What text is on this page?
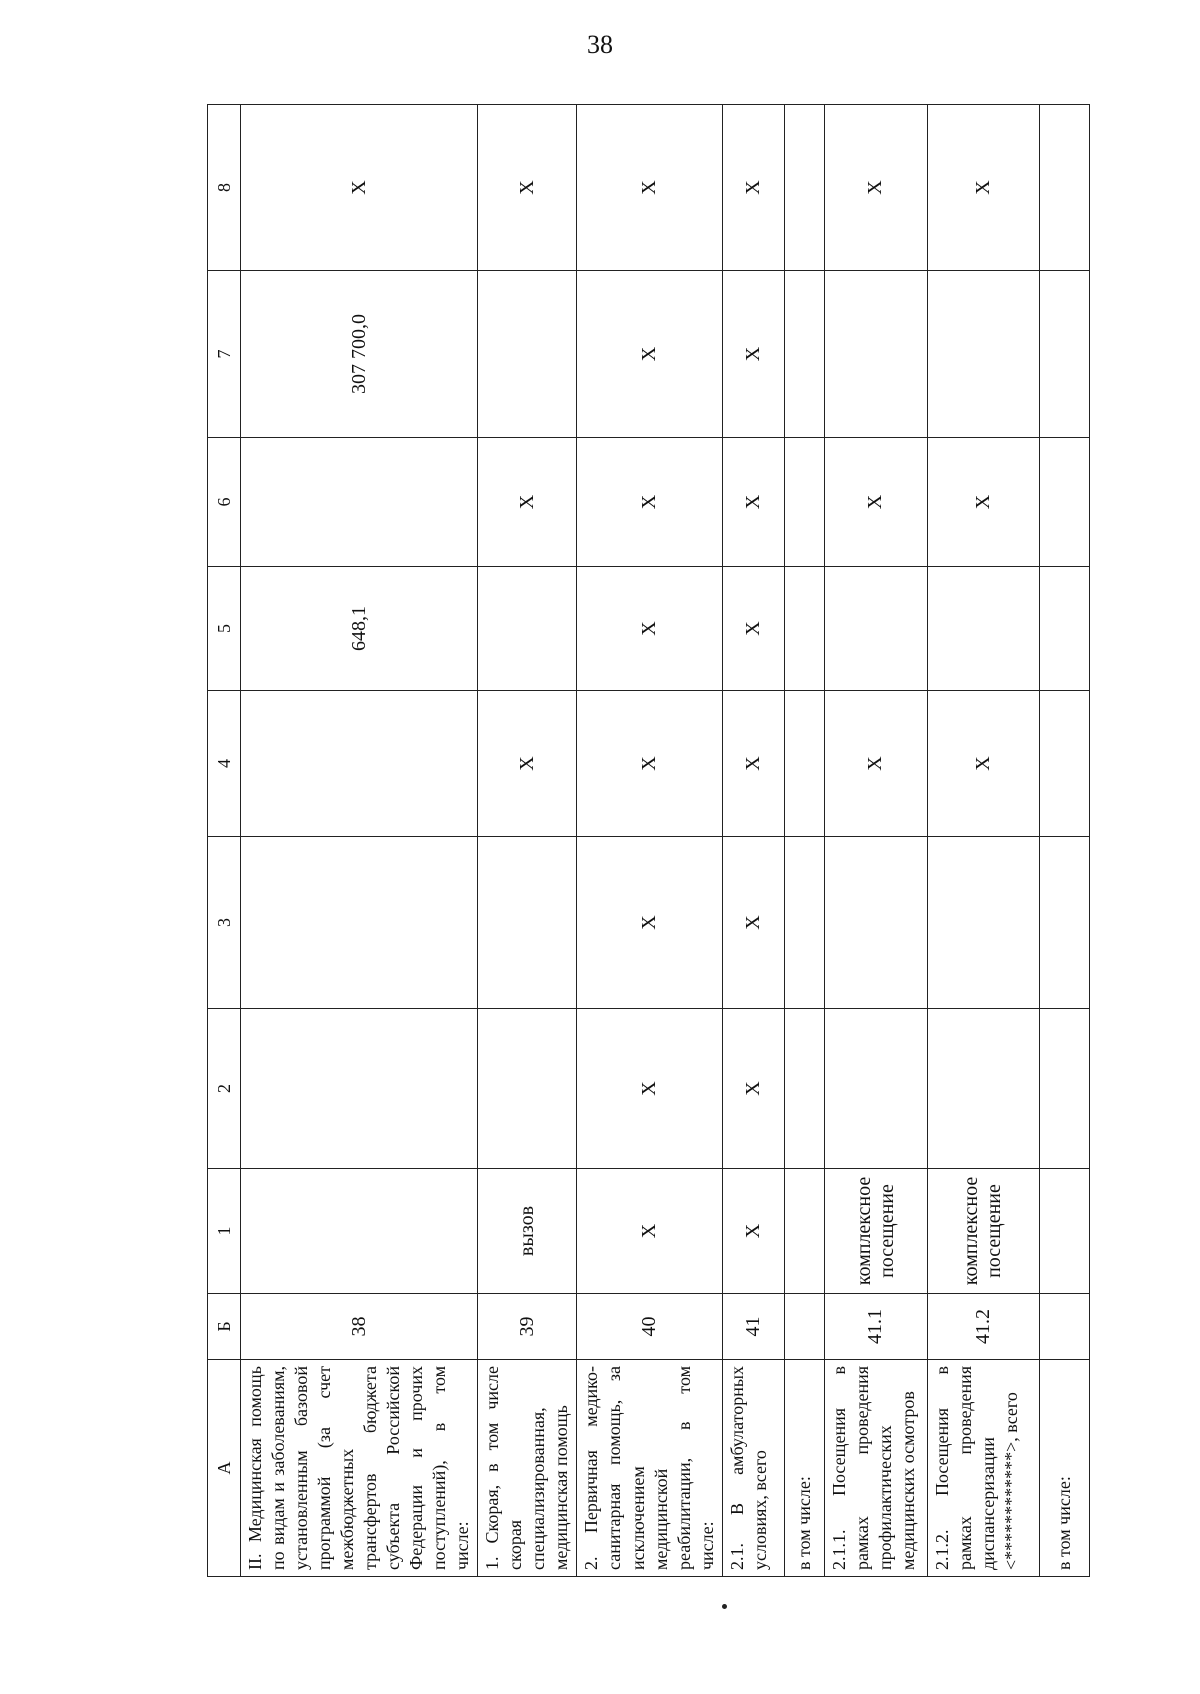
38
А	Б	1	2	3	4	5	6	7	8
II. Медицинская помощь по видам и заболеваниям, установленным базовой программой (за счет межбюджетных трансфертов бюджета субъекта Российской Федерации и прочих поступлений), в том числе:	38					648,1		307 700,0	Х
1. Скорая, в том числе скорая специализированная, медицинская помощь	39	вызов			Х		Х		Х
2. Первичная медико-санитарная помощь, за исключением медицинской реабилитации, в том числе:	40	Х	Х	Х	Х	Х	Х	Х	Х
2.1. В амбулаторных условиях, всего	41	Х	Х	Х	Х	Х	Х	Х	Х
в том числе:									
2.1.1. Посещения в рамках проведения профилактических медицинских осмотров	41.1	комплексное посещение			Х		Х		Х
2.1.2. Посещения в рамках проведения диспансеризации <************>, всего	41.2	комплексное посещение			Х		Х		Х
в том числе:									
